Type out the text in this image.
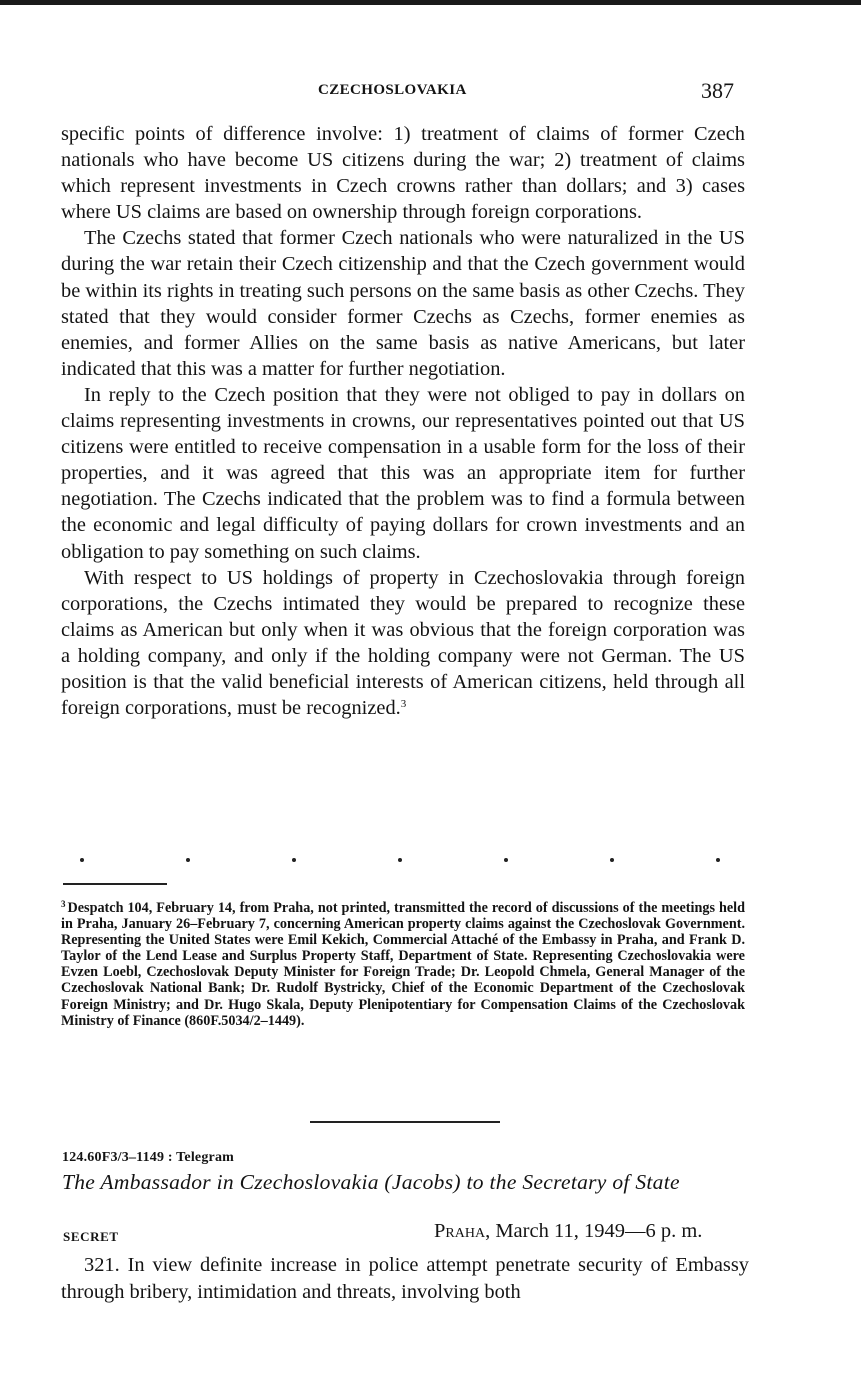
CZECHOSLOVAKIA	387

specific points of difference involve: 1) treatment of claims of former Czech nationals who have become US citizens during the war; 2) treatment of claims which represent investments in Czech crowns rather than dollars; and 3) cases where US claims are based on ownership through foreign corporations.

The Czechs stated that former Czech nationals who were naturalized in the US during the war retain their Czech citizenship and that the Czech government would be within its rights in treating such persons on the same basis as other Czechs. They stated that they would consider former Czechs as Czechs, former enemies as enemies, and former Allies on the same basis as native Americans, but later indicated that this was a matter for further negotiation.

In reply to the Czech position that they were not obliged to pay in dollars on claims representing investments in crowns, our representatives pointed out that US citizens were entitled to receive compensation in a usable form for the loss of their properties, and it was agreed that this was an appropriate item for further negotiation. The Czechs indicated that the problem was to find a formula between the economic and legal difficulty of paying dollars for crown investments and an obligation to pay something on such claims.

With respect to US holdings of property in Czechoslovakia through foreign corporations, the Czechs intimated they would be prepared to recognize these claims as American but only when it was obvious that the foreign corporation was a holding company, and only if the holding company were not German. The US position is that the valid beneficial interests of American citizens, held through all foreign corporations, must be recognized.$^3$

$^3$ Despatch 104, February 14, from Praha, not printed, transmitted the record of discussions of the meetings held in Praha, January 26–February 7, concerning American property claims against the Czechoslovak Government. Representing the United States were Emil Kekich, Commercial Attaché of the Embassy in Praha, and Frank D. Taylor of the Lend Lease and Surplus Property Staff, Department of State. Representing Czechoslovakia were Evzen Loebl, Czechoslovak Deputy Minister for Foreign Trade; Dr. Leopold Chmela, General Manager of the Czechoslovak National Bank; Dr. Rudolf Bystricky, Chief of the Economic Department of the Czechoslovak Foreign Ministry; and Dr. Hugo Skala, Deputy Plenipotentiary for Compensation Claims of the Czechoslovak Ministry of Finance (860F.5034/2–1449).

124.60F3/3–1149 : Telegram
The Ambassador in Czechoslovakia (Jacobs) to the Secretary of State
SECRET	Praha, March 11, 1949—6 p. m.

321. In view definite increase in police attempt penetrate security of Embassy through bribery, intimidation and threats, involving both
